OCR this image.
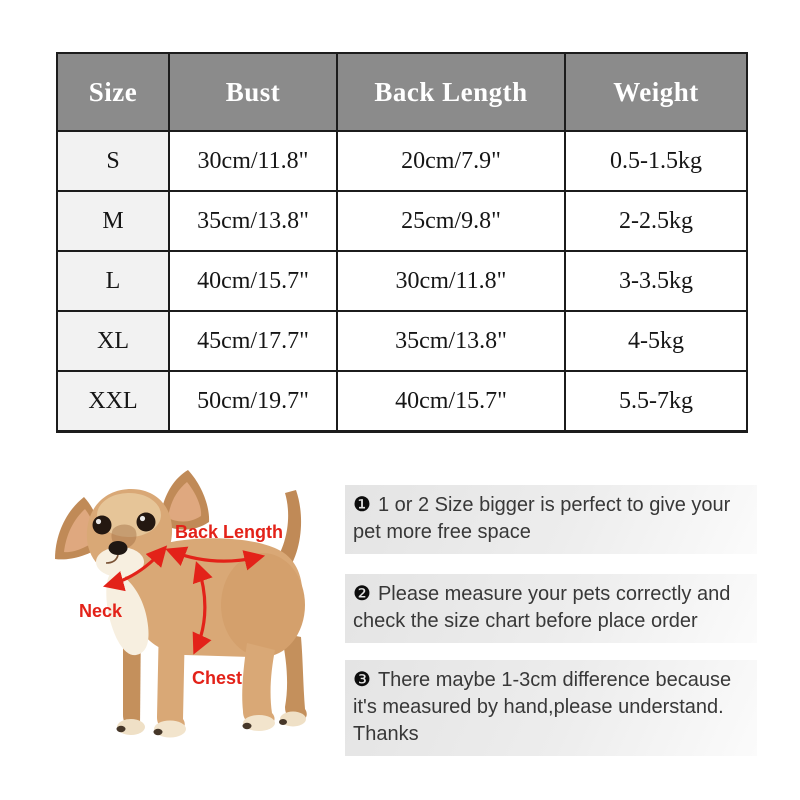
Size	Bust	Back Length	Weight
S	30cm/11.8"	20cm/7.9"	0.5-1.5kg
M	35cm/13.8"	25cm/9.8"	2-2.5kg
L	40cm/15.7"	30cm/11.8"	3-3.5kg
XL	45cm/17.7"	35cm/13.8"	4-5kg
XXL	50cm/19.7"	40cm/15.7"	5.5-7kg
Back Length
Neck
Chest
❶ 1 or 2 Size bigger is perfect to give your
pet more free space
❷ Please measure your pets correctly and
check the size chart before place order
❸ There maybe 1-3cm difference because
it's measured by hand,please understand.
Thanks
